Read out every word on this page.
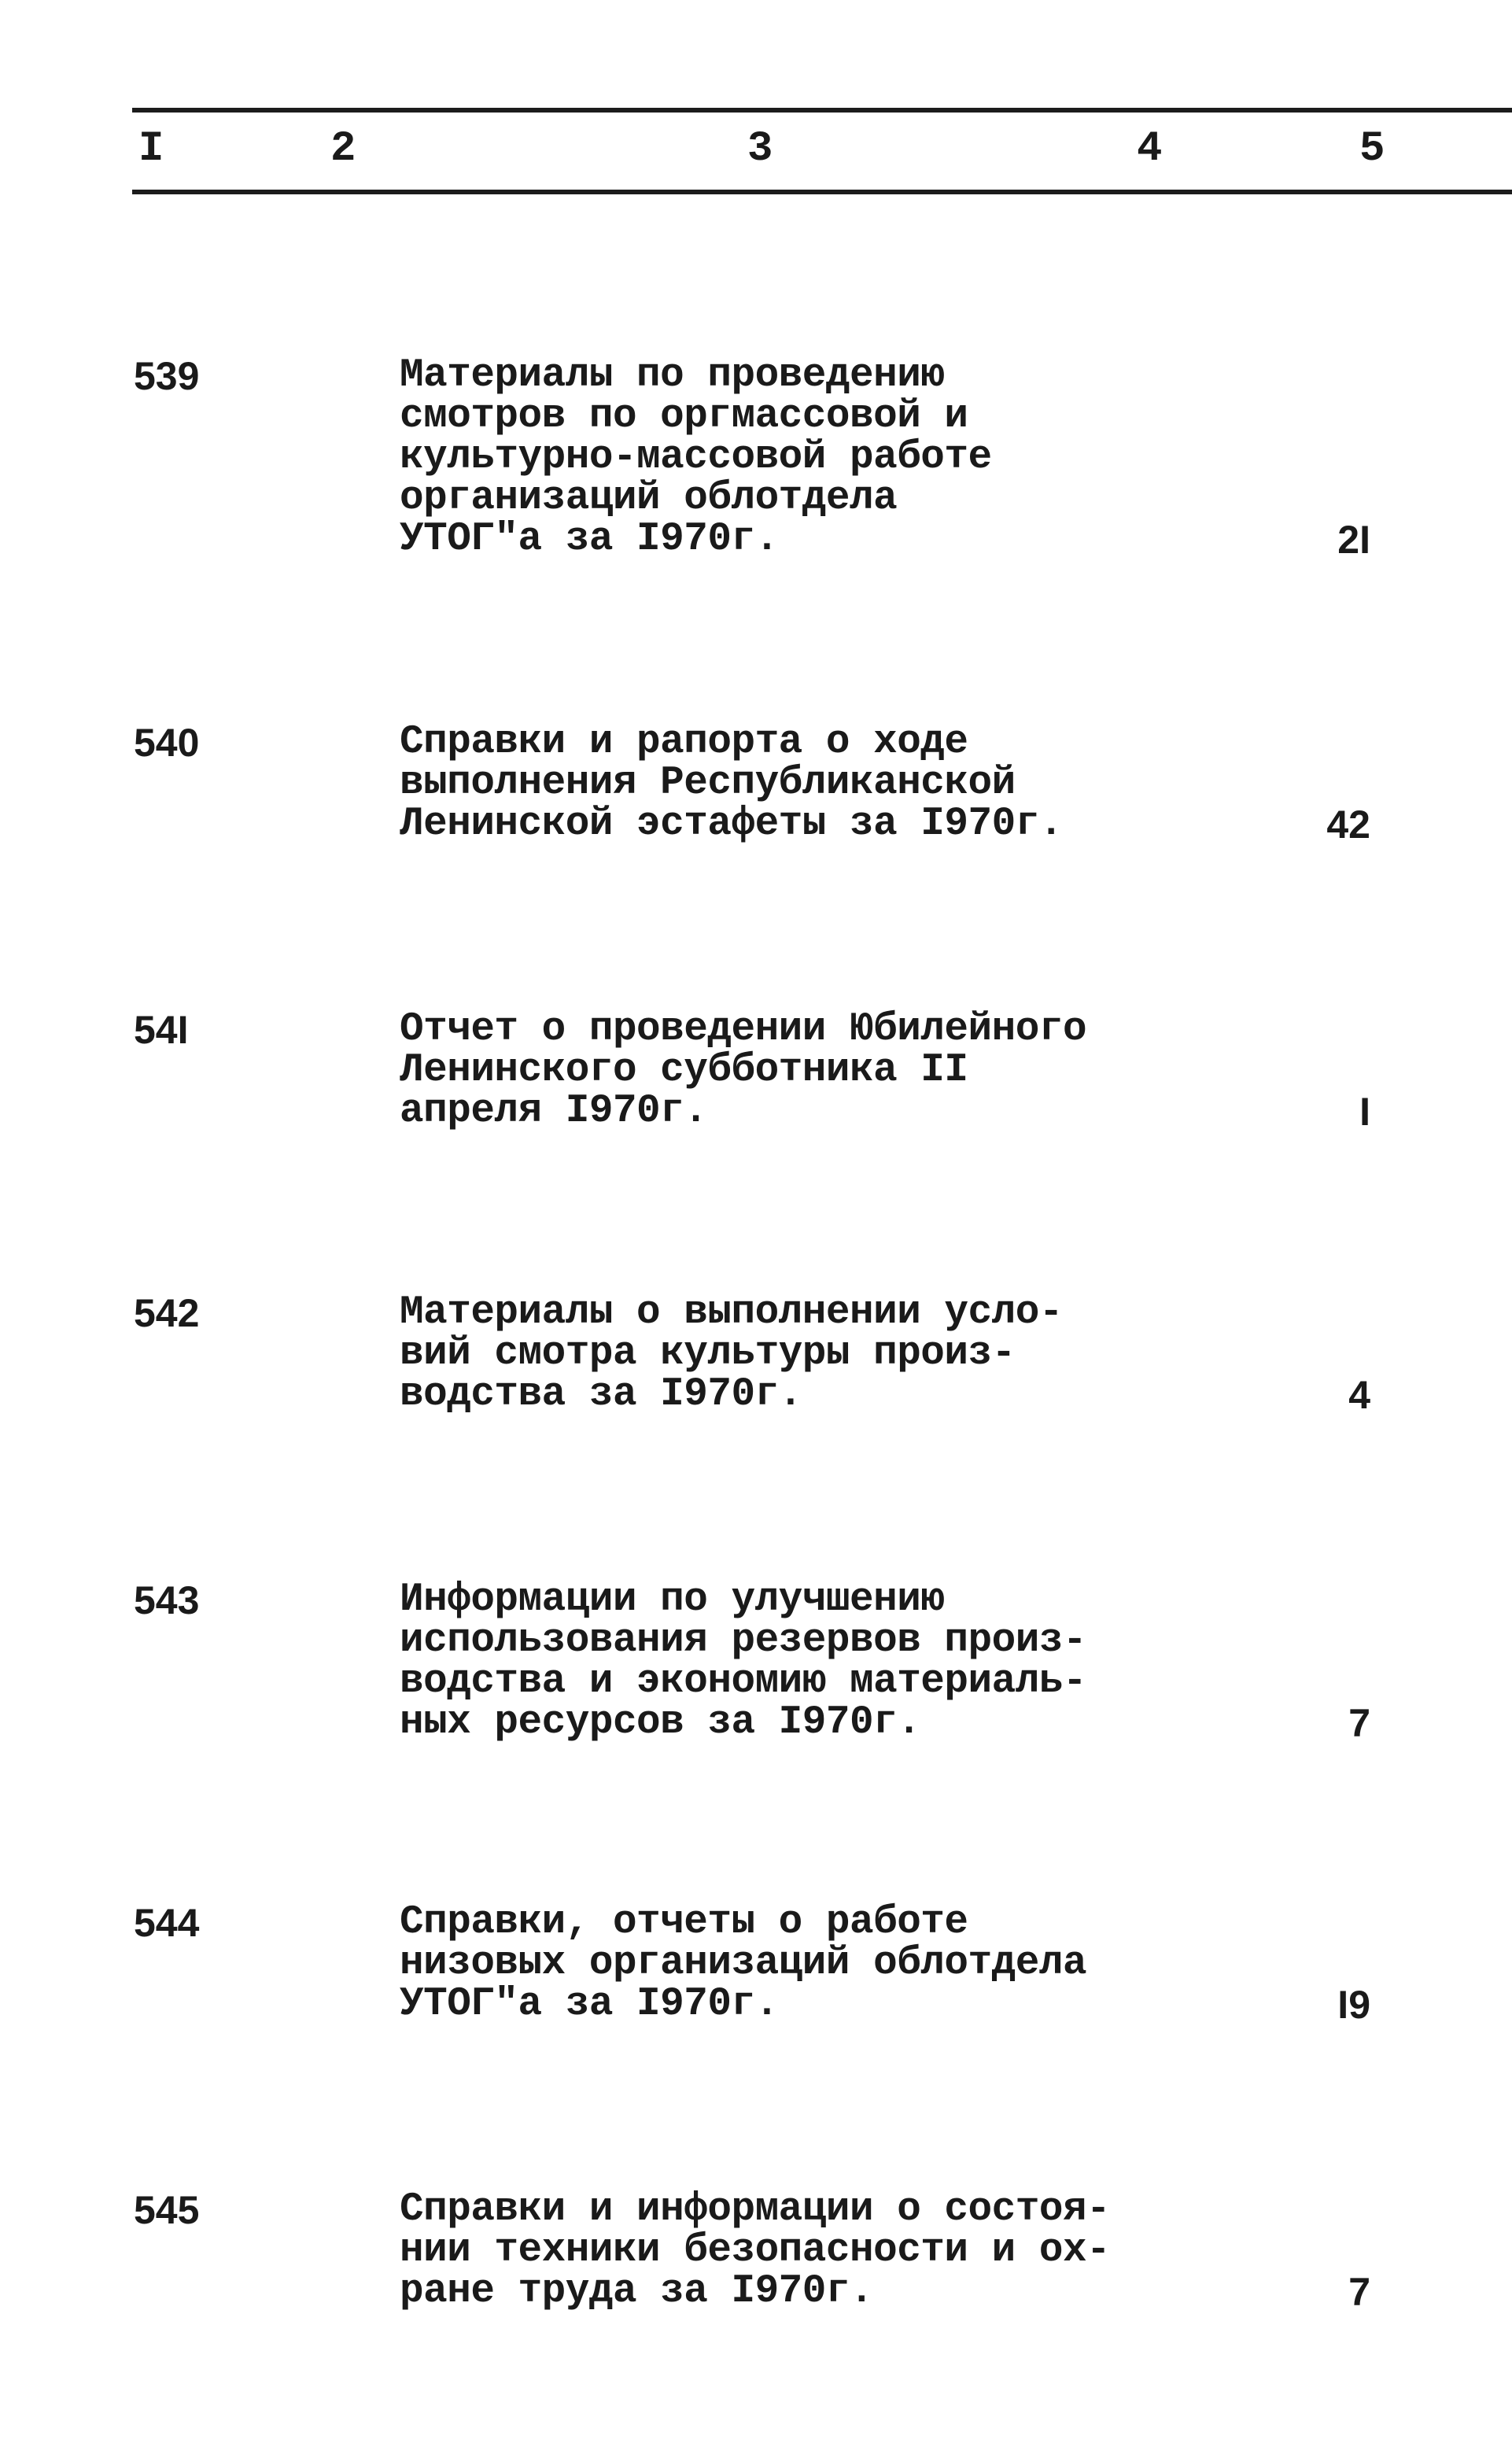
I	2	3	4	5
539	Материалы по проведению
смотров по оргмассовой и
культурно-массовой работе
организаций облотдела
УТОГ"а за I970г.	2I
540	Справки и рапорта о ходе
выполнения Республиканской
Ленинской эстафеты за I970г.	42
54I	Отчет о проведении Юбилейного
Ленинского субботника II
апреля I970г.	I
542	Материалы о выполнении усло-
вий смотра культуры произ-
водства за I970г.	4
543	Информации по улучшению
использования резервов произ-
водства и экономию материаль-
ных ресурсов за I970г.	7
544	Справки, отчеты о работе
низовых организаций облотдела
УТОГ"а за I970г.	I9
545	Справки и информации о состоя-
нии техники безопасности и ох-
ране труда за I970г.	7
